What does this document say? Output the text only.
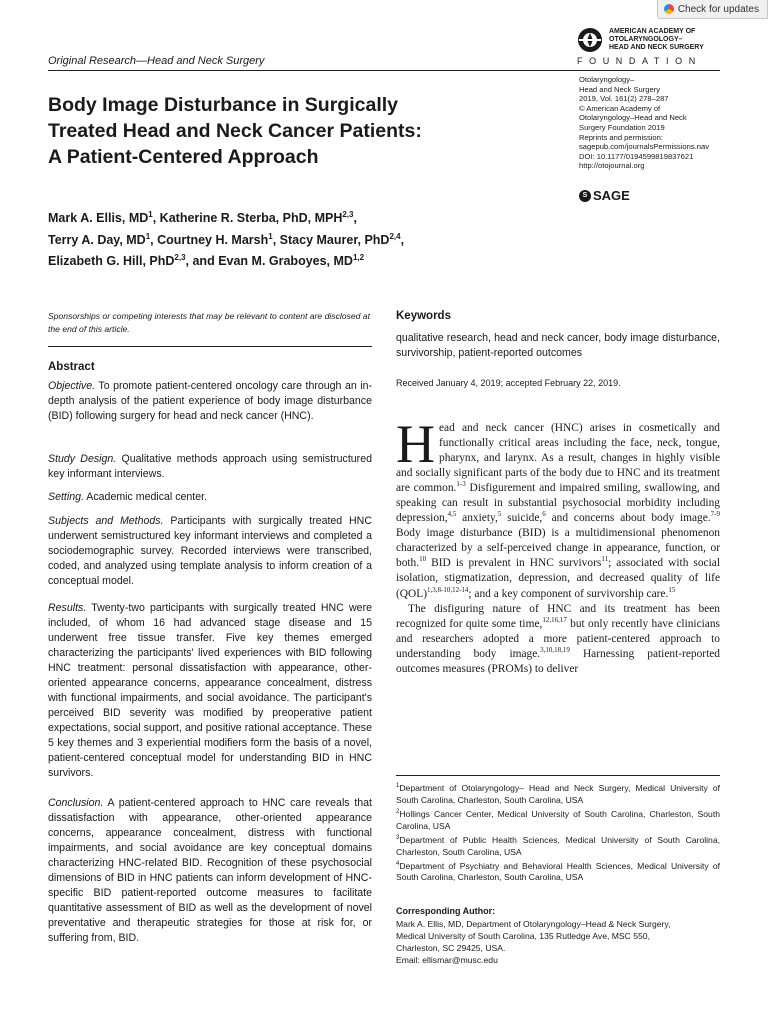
Check for updates
Original Research—Head and Neck Surgery
AMERICAN ACADEMY OF
OTOLARYNGOLOGY–
HEAD AND NECK SURGERY
FOUNDATION
Otolaryngology–
Head and Neck Surgery
2019, Vol. 161(2) 278–287
© American Academy of
Otolaryngology–Head and Neck
Surgery Foundation 2019
Reprints and permission:
sagepub.com/journalsPermissions.nav
DOI: 10.1177/0194599819837621
http://otojournal.org
S SAGE
Body Image Disturbance in Surgically
Treated Head and Neck Cancer Patients:
A Patient-Centered Approach
Mark A. Ellis, $MD^1$, Katherine R. Sterba, PhD, MPH$^{2,3}$,
Terry A. Day, $MD^1$, Courtney H. Marsh$^1$, Stacy Maurer, PhD$^{2,4}$,
Elizabeth G. Hill, PhD$^{2,3}$, and Evan M. Graboyes, MD$^{1,2}$
Sponsorships or competing interests that may be relevant to content are disclosed at the end of this article.
Abstract
Objective. To promote patient-centered oncology care through an in-depth analysis of the patient experience of body image disturbance (BID) following surgery for head and neck cancer (HNC).
Study Design. Qualitative methods approach using semistructured key informant interviews.
Setting. Academic medical center.
Subjects and Methods. Participants with surgically treated HNC underwent semistructured key informant interviews and completed a sociodemographic survey. Recorded interviews were transcribed, coded, and analyzed using template analysis to inform creation of a conceptual model.
Results. Twenty-two participants with surgically treated HNC were included, of whom 16 had advanced stage disease and 15 underwent free tissue transfer. Five key themes emerged characterizing the participants' lived experiences with BID following HNC treatment: personal dissatisfaction with appearance, other-oriented appearance concerns, appearance concealment, distress with functional impairments, and social avoidance. The participant's perceived BID severity was modified by preoperative patient expectations, social support, and positive rational acceptance. These 5 key themes and 3 experiential modifiers form the basis of a novel, patient-centered conceptual model for understanding BID in HNC survivors.
Conclusion. A patient-centered approach to HNC care reveals that dissatisfaction with appearance, other-oriented appearance concerns, appearance concealment, distress with functional impairments, and social avoidance are key conceptual domains characterizing HNC-related BID. Recognition of these psychosocial dimensions of BID in HNC patients can inform development of HNC-specific BID patient-reported outcome measures to facilitate quantitative assessment of BID as well as the development of novel preventative and therapeutic strategies for those at risk for, or suffering from, BID.
Keywords
qualitative research, head and neck cancer, body image disturbance, survivorship, patient-reported outcomes
Received January 4, 2019; accepted February 22, 2019.

Head and neck cancer (HNC) arises in cosmetically and functionally critical areas including the face, neck, tongue, pharynx, and larynx. As a result, changes in highly visible and socially significant parts of the body due to HNC and its treatment are common.$^{1-3}$ Disfigurement and impaired smiling, swallowing, and speaking can result in substantial psychosocial morbidity including depression,$^{4,5}$ anxiety,$^5$ suicide,$^6$ and concerns about body image.$^{7-9}$ Body image disturbance (BID) is a multidimensional phenomenon characterized by a self-perceived change in appearance, function, or both.$^{10}$ BID is prevalent in HNC survivors$^{11}$; associated with social isolation, stigmatization, depression, and decreased quality of life (QOL)$^{1,3,8-10,12-14}$; and a key component of survivorship care.$^{15}$

The disfiguring nature of HNC and its treatment has been recognized for quite some time,$^{12,16,17}$ but only recently have clinicians and researchers adopted a more patient-centered approach to understanding body image.$^{3,10,18,19}$ Harnessing patient-reported outcomes measures (PROMs) to deliver

$^1$Department of Otolaryngology– Head and Neck Surgery, Medical University of South Carolina, Charleston, South Carolina, USA
$^2$Hollings Cancer Center, Medical University of South Carolina, Charleston, South Carolina, USA
$^3$Department of Public Health Sciences, Medical University of South Carolina, Charleston, South Carolina, USA
$^4$Department of Psychiatry and Behavioral Health Sciences, Medical University of South Carolina, Charleston, South Carolina, USA
Corresponding Author:
Mark A. Ellis, MD, Department of Otolaryngology–Head & Neck Surgery,
Medical University of South Carolina, 135 Rutledge Ave, MSC 550,
Charleston, SC 29425, USA.
Email: ellismar@musc.edu
